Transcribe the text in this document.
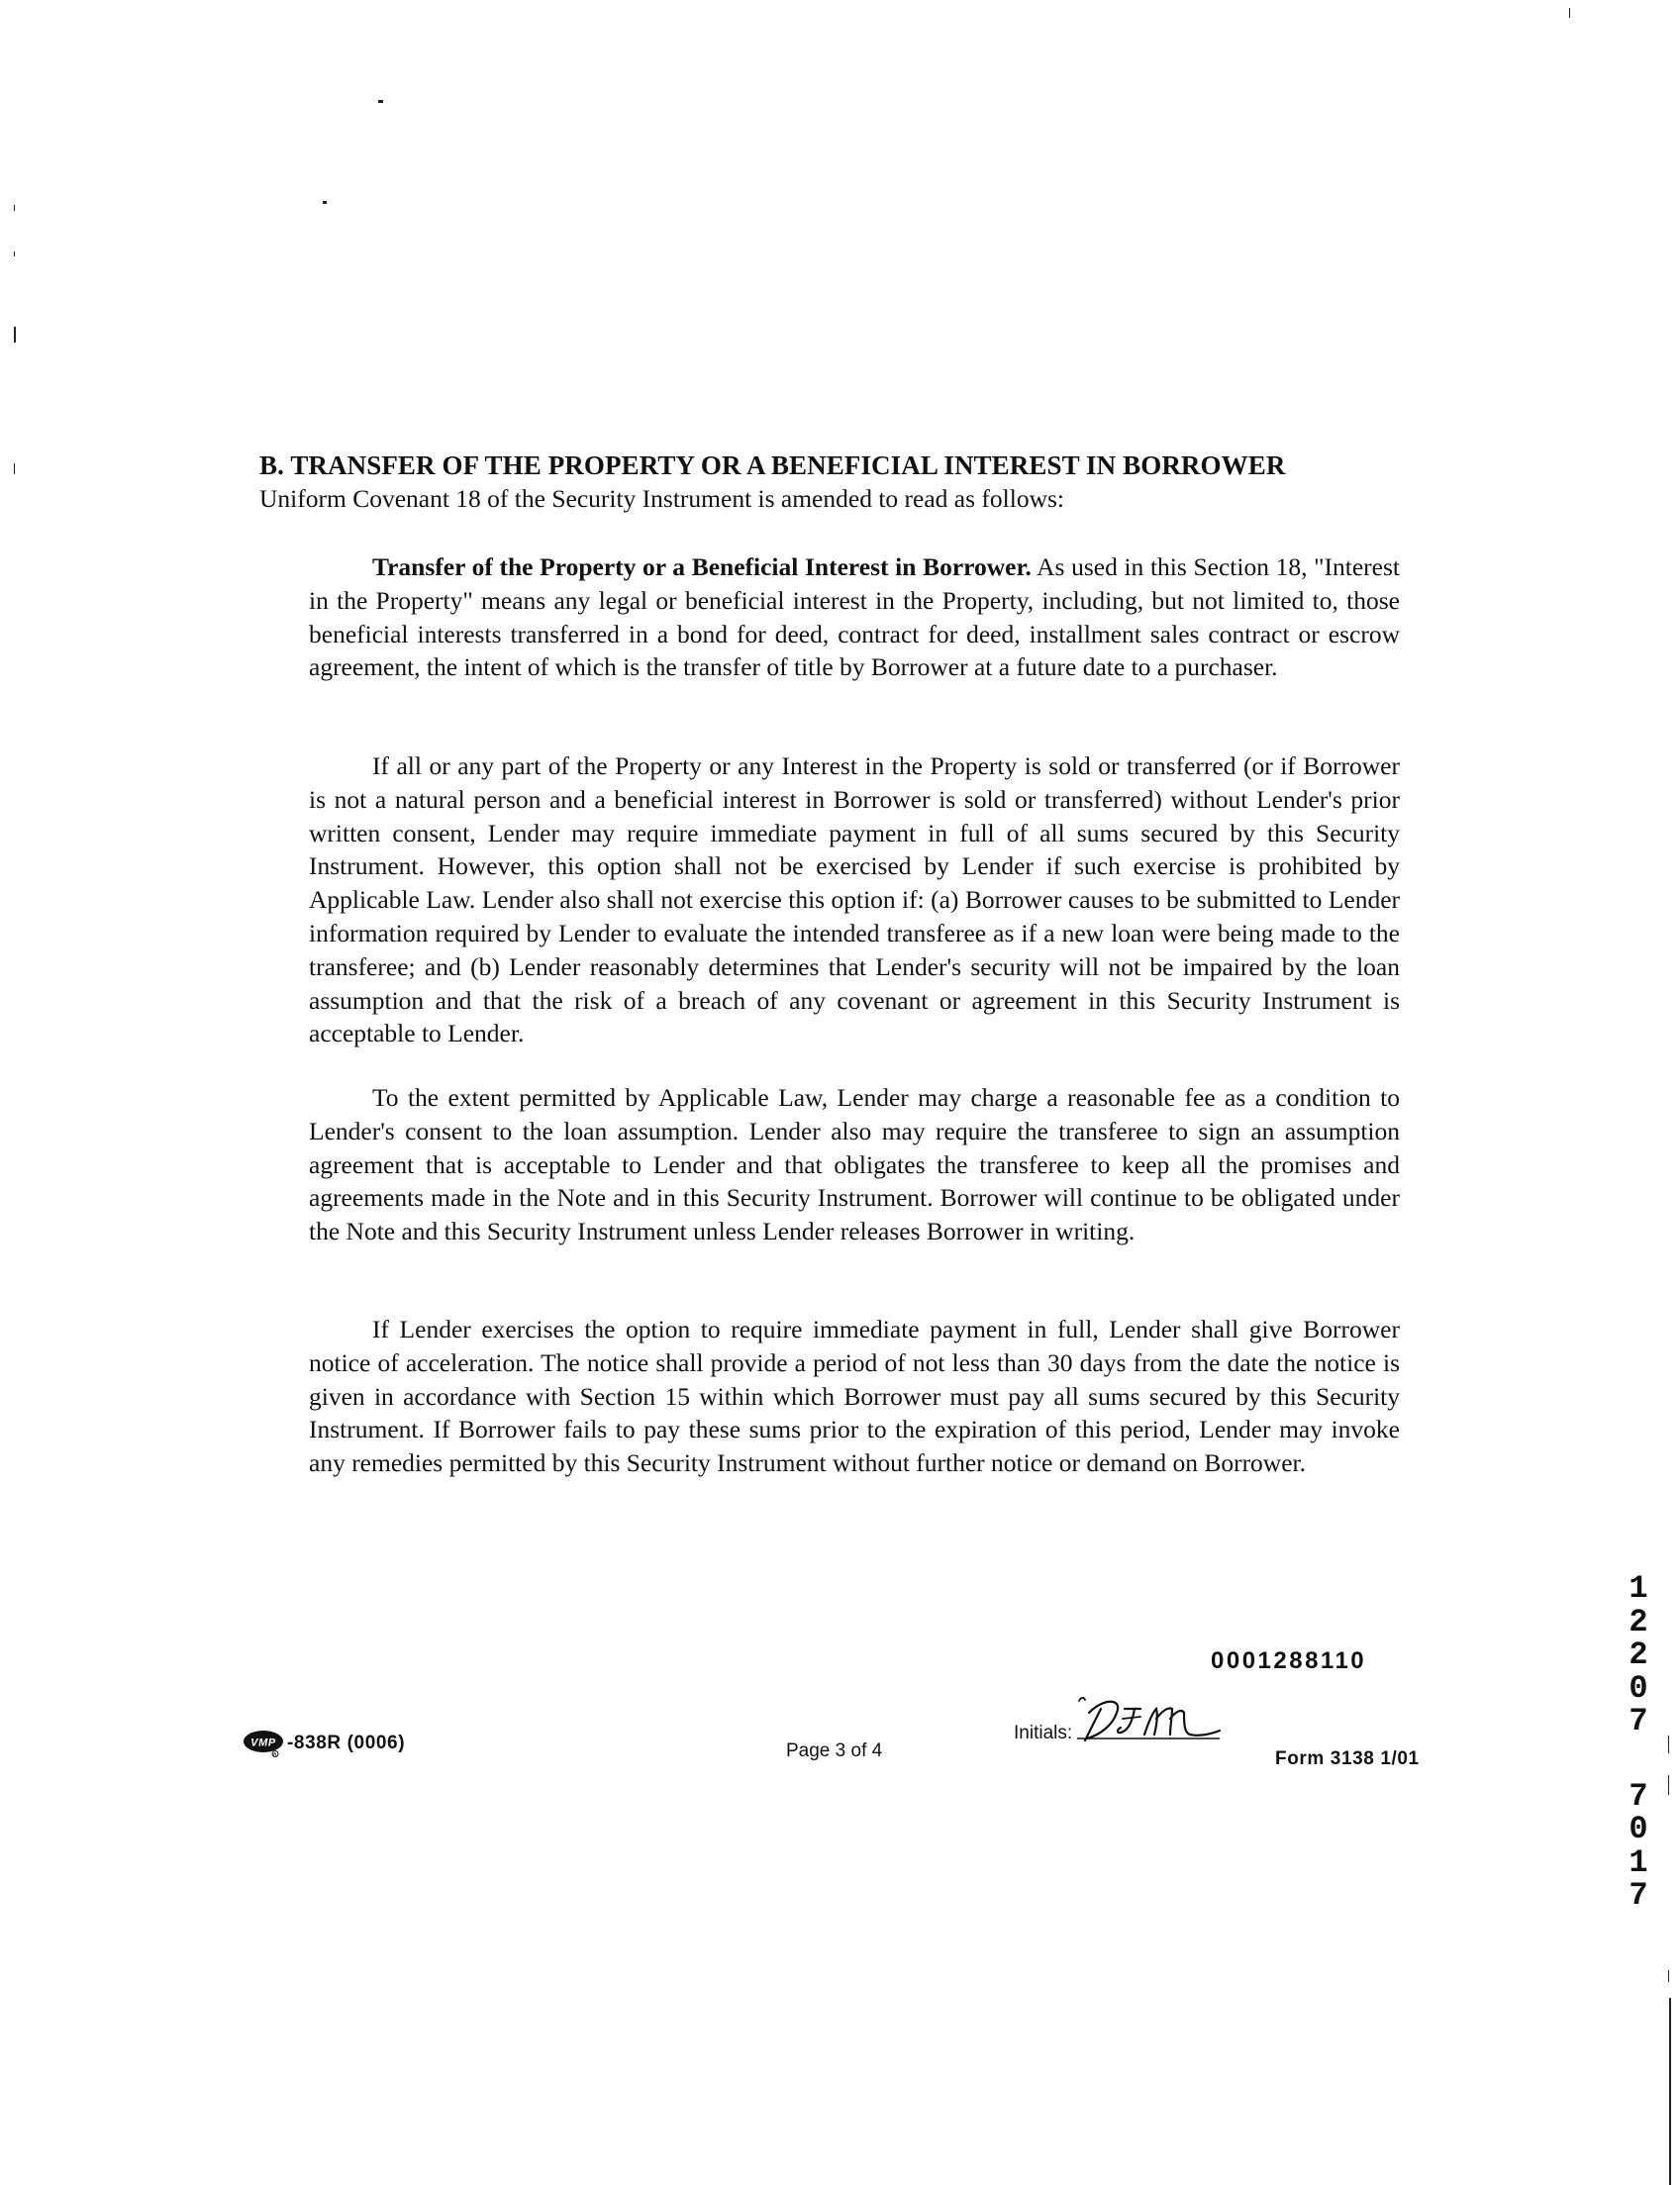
B. TRANSFER OF THE PROPERTY OR A BENEFICIAL INTEREST IN BORROWER
Uniform Covenant 18 of the Security Instrument is amended to read as follows:
Transfer of the Property or a Beneficial Interest in Borrower. As used in this Section 18, "Interest in the Property" means any legal or beneficial interest in the Property, including, but not limited to, those beneficial interests transferred in a bond for deed, contract for deed, installment sales contract or escrow agreement, the intent of which is the transfer of title by Borrower at a future date to a purchaser.
If all or any part of the Property or any Interest in the Property is sold or transferred (or if Borrower is not a natural person and a beneficial interest in Borrower is sold or transferred) without Lender's prior written consent, Lender may require immediate payment in full of all sums secured by this Security Instrument. However, this option shall not be exercised by Lender if such exercise is prohibited by Applicable Law. Lender also shall not exercise this option if: (a) Borrower causes to be submitted to Lender information required by Lender to evaluate the intended transferee as if a new loan were being made to the transferee; and (b) Lender reasonably determines that Lender's security will not be impaired by the loan assumption and that the risk of a breach of any covenant or agreement in this Security Instrument is acceptable to Lender.
To the extent permitted by Applicable Law, Lender may charge a reasonable fee as a condition to Lender's consent to the loan assumption. Lender also may require the transferee to sign an assumption agreement that is acceptable to Lender and that obligates the transferee to keep all the promises and agreements made in the Note and in this Security Instrument. Borrower will continue to be obligated under the Note and this Security Instrument unless Lender releases Borrower in writing.
If Lender exercises the option to require immediate payment in full, Lender shall give Borrower notice of acceleration. The notice shall provide a period of not less than 30 days from the date the notice is given in accordance with Section 15 within which Borrower must pay all sums secured by this Security Instrument. If Borrower fails to pay these sums prior to the expiration of this period, Lender may invoke any remedies permitted by this Security Instrument without further notice or demand on Borrower.
0001288110
VMP
R
-838R (0006)	Page 3 of 4
Initials:
Form 3138 1/01
1
2
2
0
7
7
0
1
7
